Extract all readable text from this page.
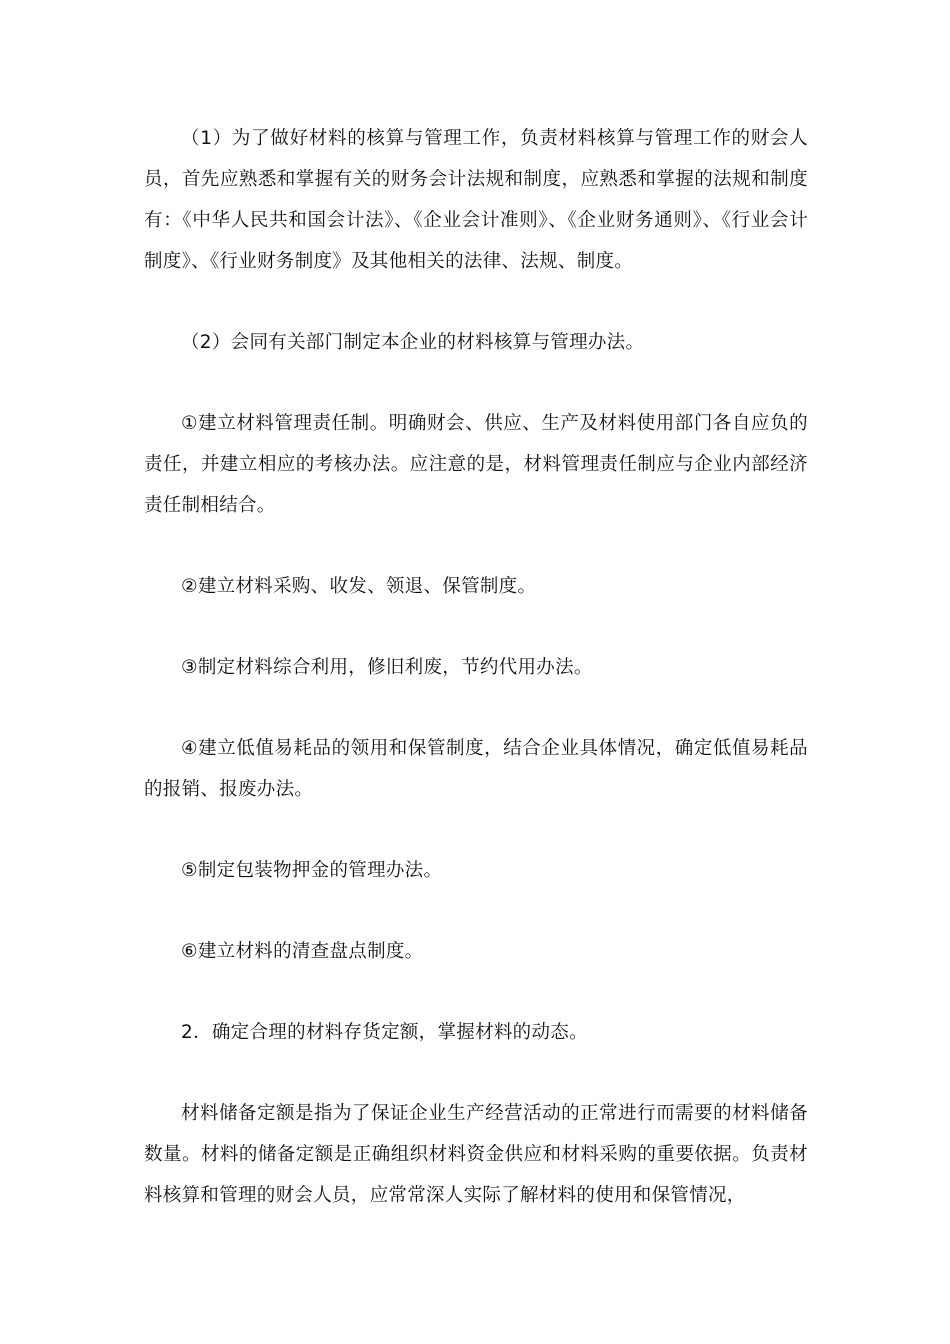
（1）为了做好材料的核算与管理工作，负责材料核算与管理工作的财会人员，首先应熟悉和掌握有关的财务会计法规和制度，应熟悉和掌握的法规和制度有：《中华人民共和国会计法》、《企业会计准则》、《企业财务通则》、《行业会计制度》、《行业财务制度》及其他相关的法律、法规、制度。

（2）会同有关部门制定本企业的材料核算与管理办法。

①建立材料管理责任制。明确财会、供应、生产及材料使用部门各自应负的责任，并建立相应的考核办法。应注意的是，材料管理责任制应与企业内部经济责任制相结合。

②建立材料采购、收发、领退、保管制度。

③制定材料综合利用，修旧利废，节约代用办法。

④建立低值易耗品的领用和保管制度，结合企业具体情况，确定低值易耗品的报销、报废办法。

⑤制定包装物押金的管理办法。

⑥建立材料的清查盘点制度。

2．确定合理的材料存货定额，掌握材料的动态。

材料储备定额是指为了保证企业生产经营活动的正常进行而需要的材料储备数量。材料的储备定额是正确组织材料资金供应和材料采购的重要依据。负责材料核算和管理的财会人员，应常常深人实际了解材料的使用和保管情况，
